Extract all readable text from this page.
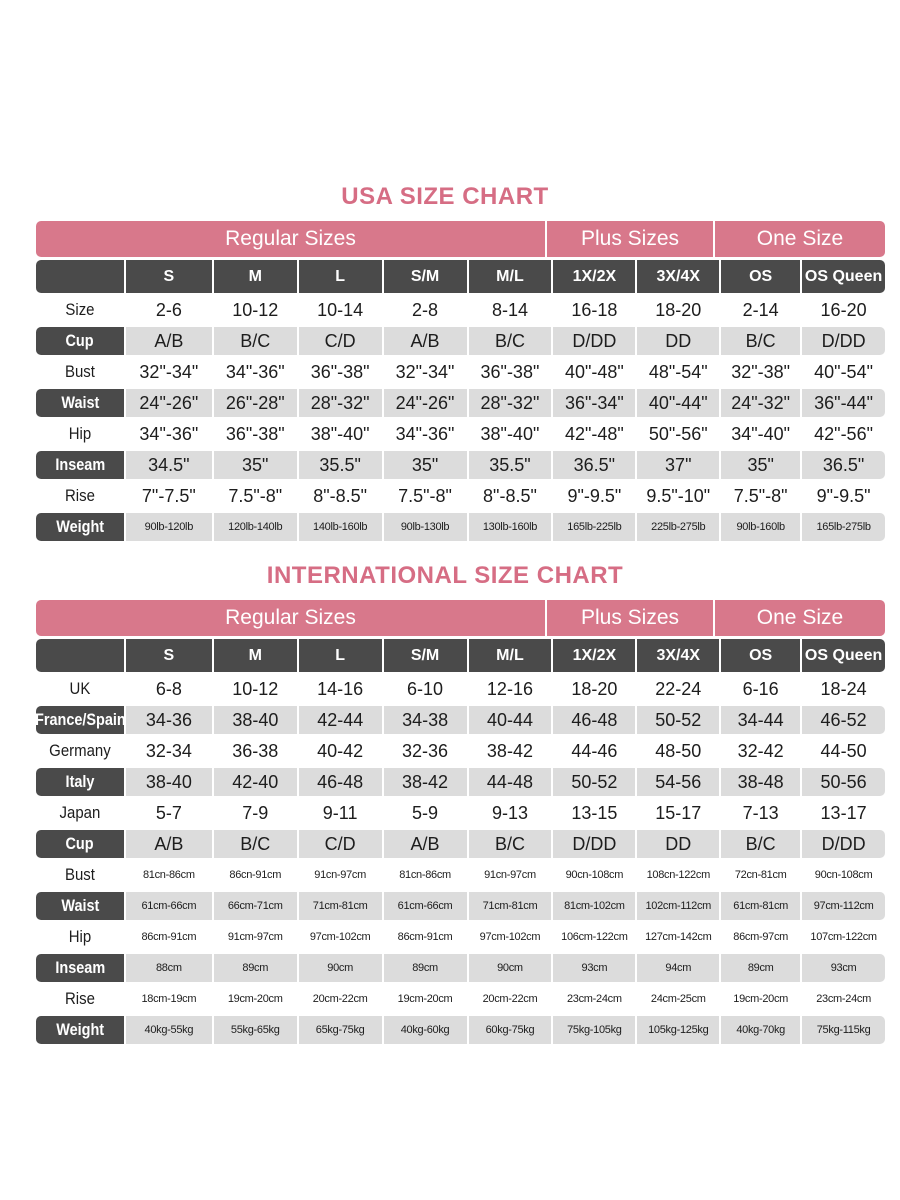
USA SIZE CHART
Regular Sizes	Plus Sizes	One Size
S	M	L	S/M	M/L	1X/2X	3X/4X	OS	OS Queen
Size	2-6	10-12	10-14	2-8	8-14	16-18	18-20	2-14	16-20
Cup	A/B	B/C	C/D	A/B	B/C	D/DD	DD	B/C	D/DD
Bust	32"-34"	34"-36"	36"-38"	32"-34"	36"-38"	40"-48"	48"-54"	32"-38"	40"-54"
Waist	24"-26"	26"-28"	28"-32"	24"-26"	28"-32"	36"-34"	40"-44"	24"-32"	36"-44"
Hip	34"-36"	36"-38"	38"-40"	34"-36"	38"-40"	42"-48"	50"-56"	34"-40"	42"-56"
Inseam	34.5"	35"	35.5"	35"	35.5"	36.5"	37"	35"	36.5"
Rise	7"-7.5"	7.5"-8"	8"-8.5"	7.5"-8"	8"-8.5"	9"-9.5"	9.5"-10"	7.5"-8"	9"-9.5"
Weight	90lb-120lb	120lb-140lb	140lb-160lb	90lb-130lb	130lb-160lb	165lb-225lb	225lb-275lb	90lb-160lb	165lb-275lb
INTERNATIONAL SIZE CHART
Regular Sizes	Plus Sizes	One Size
S	M	L	S/M	M/L	1X/2X	3X/4X	OS	OS Queen
UK	6-8	10-12	14-16	6-10	12-16	18-20	22-24	6-16	18-24
France/Spain	34-36	38-40	42-44	34-38	40-44	46-48	50-52	34-44	46-52
Germany	32-34	36-38	40-42	32-36	38-42	44-46	48-50	32-42	44-50
Italy	38-40	42-40	46-48	38-42	44-48	50-52	54-56	38-48	50-56
Japan	5-7	7-9	9-11	5-9	9-13	13-15	15-17	7-13	13-17
Cup	A/B	B/C	C/D	A/B	B/C	D/DD	DD	B/C	D/DD
Bust	81cn-86cm	86cn-91cm	91cn-97cm	81cn-86cm	91cn-97cm	90cn-108cm	108cn-122cm	72cn-81cm	90cn-108cm
Waist	61cm-66cm	66cm-71cm	71cm-81cm	61cm-66cm	71cm-81cm	81cm-102cm	102cm-112cm	61cm-81cm	97cm-112cm
Hip	86cm-91cm	91cm-97cm	97cm-102cm	86cm-91cm	97cm-102cm	106cm-122cm	127cm-142cm	86cm-97cm	107cm-122cm
Inseam	88cm	89cm	90cm	89cm	90cm	93cm	94cm	89cm	93cm
Rise	18cm-19cm	19cm-20cm	20cm-22cm	19cm-20cm	20cm-22cm	23cm-24cm	24cm-25cm	19cm-20cm	23cm-24cm
Weight	40kg-55kg	55kg-65kg	65kg-75kg	40kg-60kg	60kg-75kg	75kg-105kg	105kg-125kg	40kg-70kg	75kg-115kg
